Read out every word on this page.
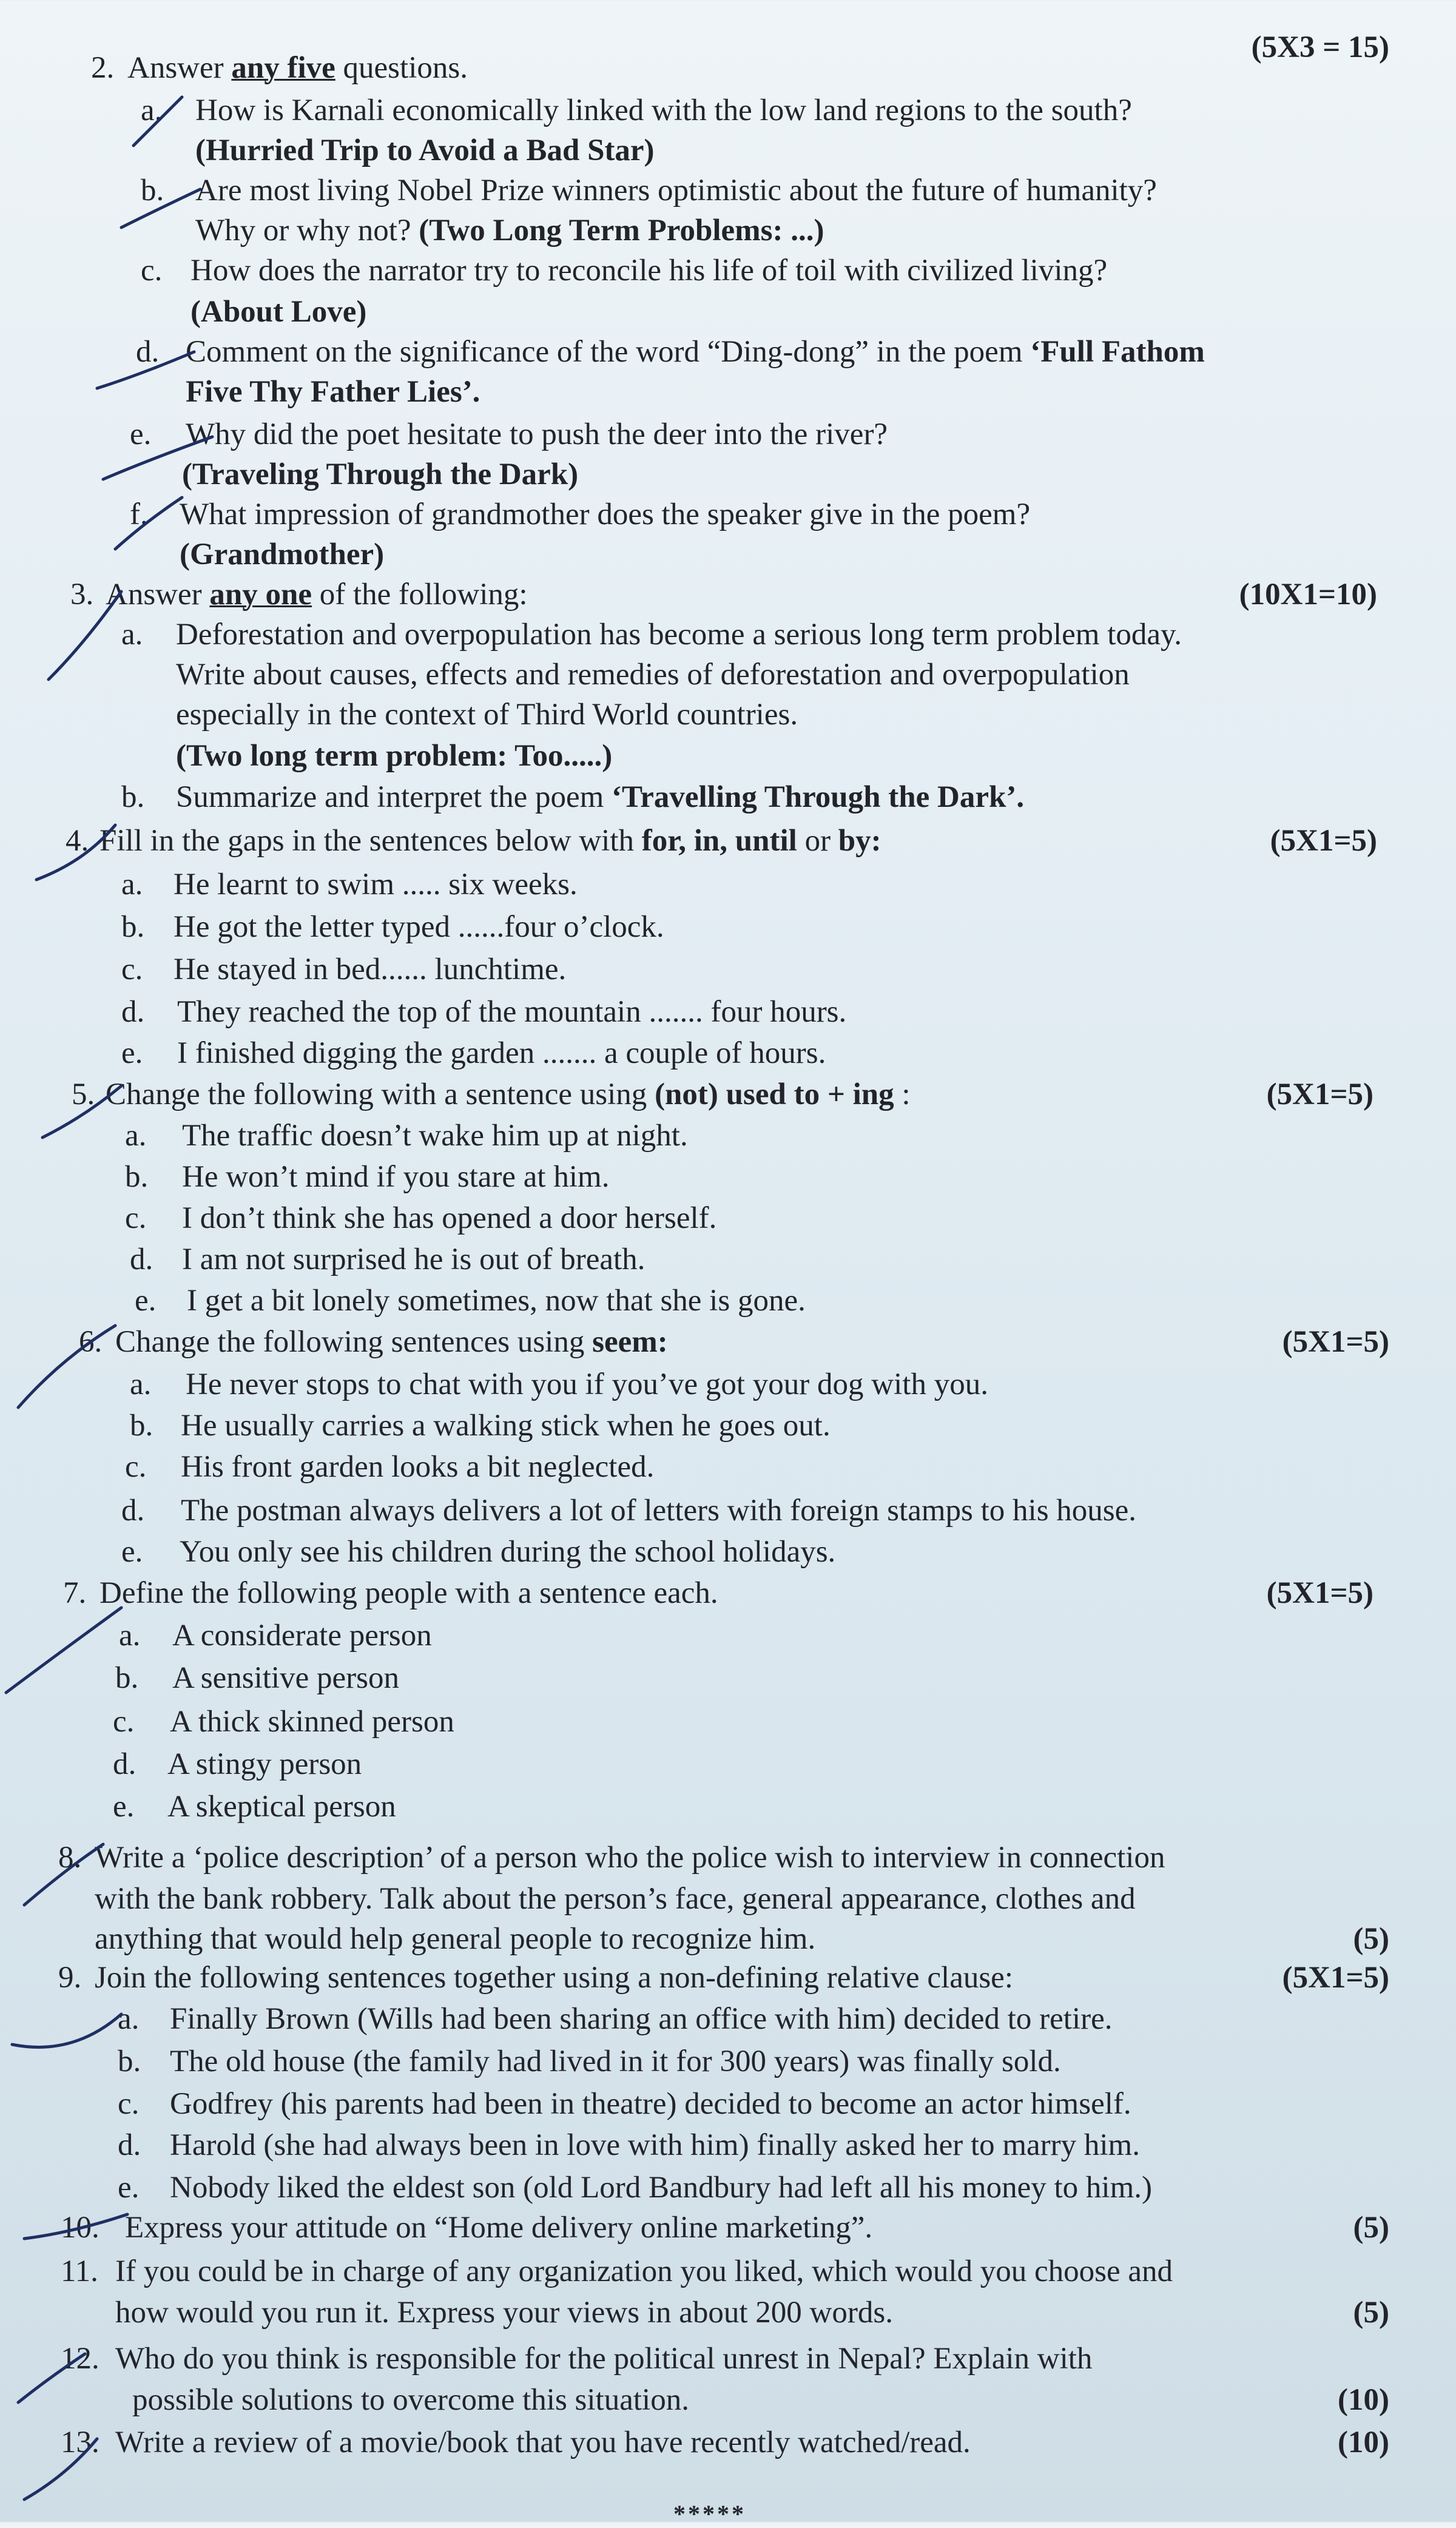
2. Answer any five questions.
(5X3 = 15)
a. How is Karnali economically linked with the low land regions to the south?
(Hurried Trip to Avoid a Bad Star)
b. Are most living Nobel Prize winners optimistic about the future of humanity?
Why or why not? (Two Long Term Problems: ...)
c. How does the narrator try to reconcile his life of toil with civilized living?
(About Love)
d. Comment on the significance of the word “Ding-dong” in the poem ‘Full Fathom
Five Thy Father Lies’.
e. Why did the poet hesitate to push the deer into the river?
(Traveling Through the Dark)
f. What impression of grandmother does the speaker give in the poem?
(Grandmother)
3. Answer any one of the following:	(10X1=10)
a. Deforestation and overpopulation has become a serious long term problem today.
Write about causes, effects and remedies of deforestation and overpopulation
especially in the context of Third World countries.
(Two long term problem: Too.....)
b. Summarize and interpret the poem ‘Travelling Through the Dark’.
4. Fill in the gaps in the sentences below with for, in, until or by:	(5X1=5)
a. He learnt to swim ..... six weeks.
b. He got the letter typed ......four o’clock.
c. He stayed in bed...... lunchtime.
d. They reached the top of the mountain ....... four hours.
e. I finished digging the garden ....... a couple of hours.
5. Change the following with a sentence using (not) used to + ing :	(5X1=5)
a. The traffic doesn’t wake him up at night.
b. He won’t mind if you stare at him.
c. I don’t think she has opened a door herself.
d. I am not surprised he is out of breath.
e. I get a bit lonely sometimes, now that she is gone.
6. Change the following sentences using seem:	(5X1=5)
a. He never stops to chat with you if you’ve got your dog with you.
b. He usually carries a walking stick when he goes out.
c. His front garden looks a bit neglected.
d. The postman always delivers a lot of letters with foreign stamps to his house.
e. You only see his children during the school holidays.
7. Define the following people with a sentence each.	(5X1=5)
a. A considerate person
b. A sensitive person
c. A thick skinned person
d. A stingy person
e. A skeptical person
8. Write a ‘police description’ of a person who the police wish to interview in connection
with the bank robbery. Talk about the person’s face, general appearance, clothes and
anything that would help general people to recognize him.	(5)
9. Join the following sentences together using a non-defining relative clause:	(5X1=5)
a. Finally Brown (Wills had been sharing an office with him) decided to retire.
b. The old house (the family had lived in it for 300 years) was finally sold.
c. Godfrey (his parents had been in theatre) decided to become an actor himself.
d. Harold (she had always been in love with him) finally asked her to marry him.
e. Nobody liked the eldest son (old Lord Bandbury had left all his money to him.)
10. Express your attitude on “Home delivery online marketing”.	(5)
11. If you could be in charge of any organization you liked, which would you choose and
how would you run it. Express your views in about 200 words.	(5)
12. Who do you think is responsible for the political unrest in Nepal? Explain with
possible solutions to overcome this situation.	(10)
13. Write a review of a movie/book that you have recently watched/read.	(10)
*****
